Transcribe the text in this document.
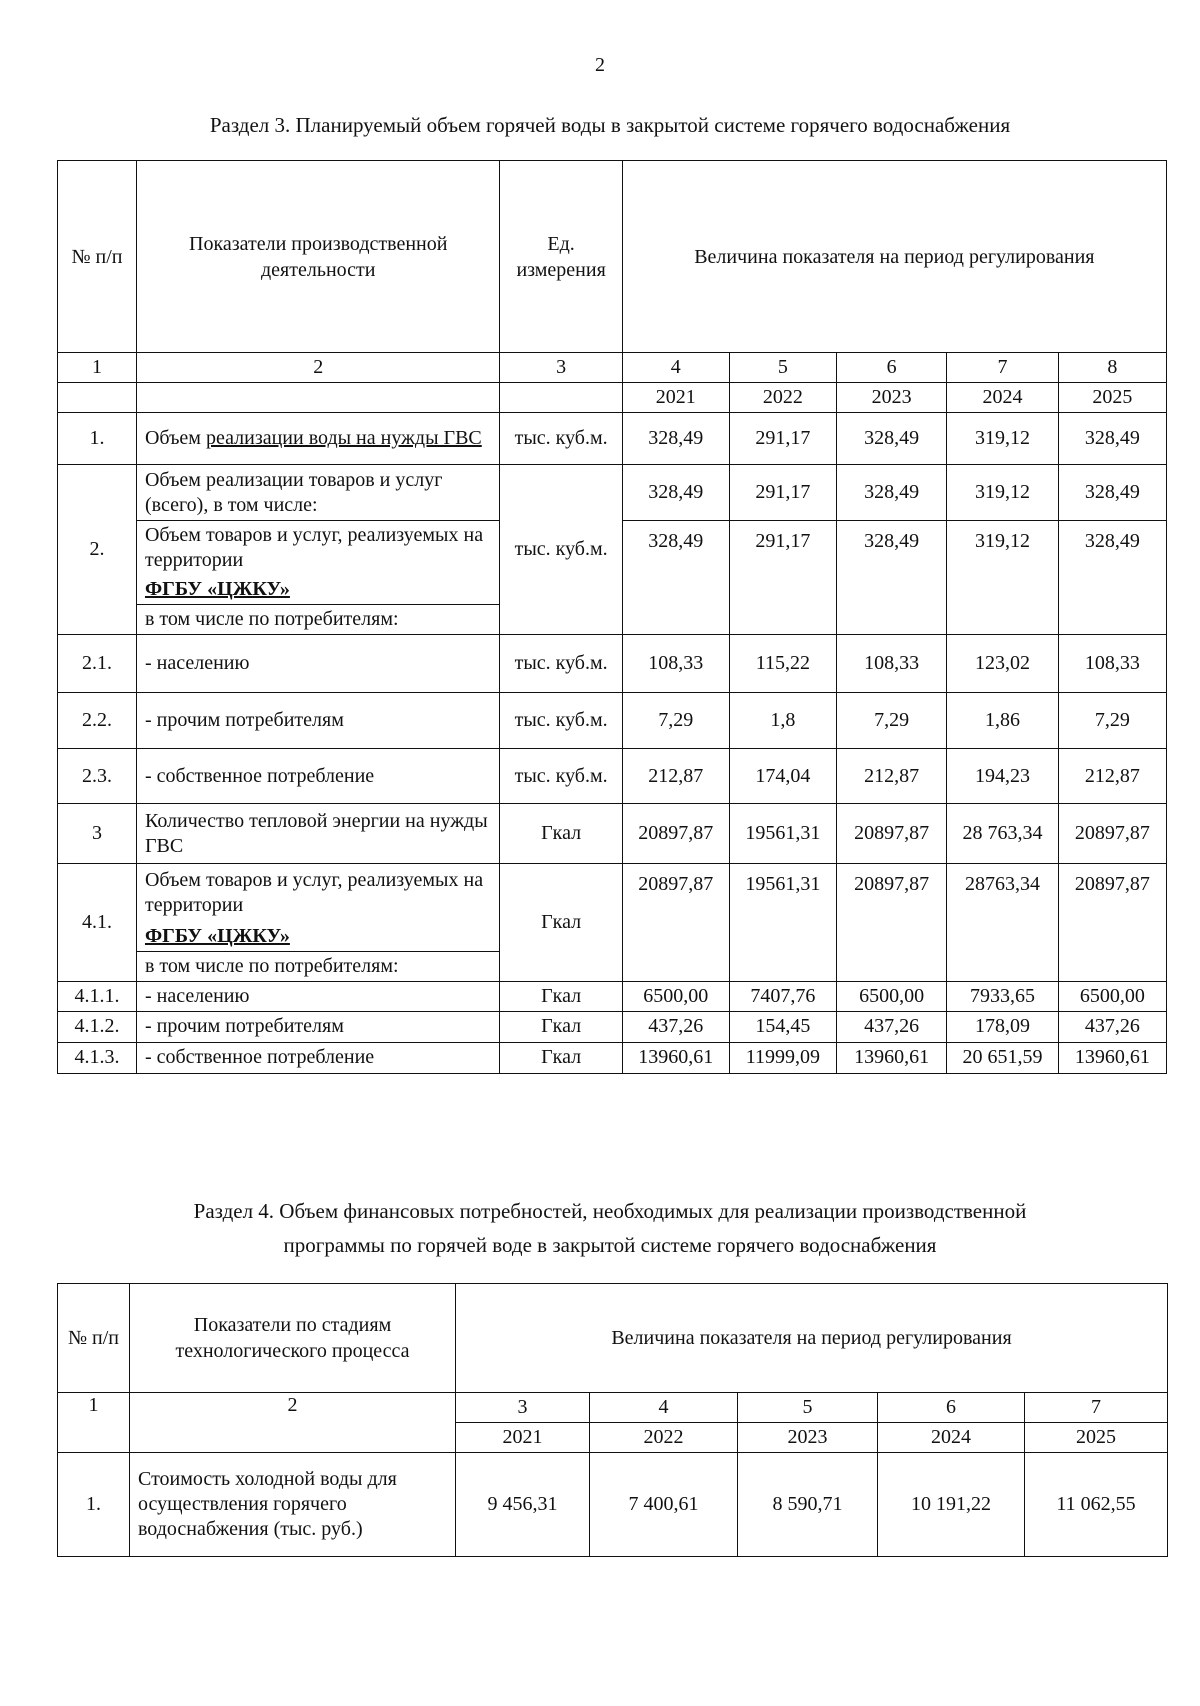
2
Раздел 3. Планируемый объем горячей воды в закрытой системе горячего водоснабжения
№ п/п	Показатели производственной деятельности	Ед. измерения	Величина показателя на период регулирования				
1	2	3	4	5	6	7	8
			2021	2022	2023	2024	2025
1.	Объем реализации воды на нужды ГВС	тыс. куб.м.	328,49	291,17	328,49	319,12	328,49
2.	Объем реализации товаров и услуг (всего), в том числе:	тыс. куб.м.	328,49	291,17	328,49	319,12	328,49
	Объем товаров и услуг, реализуемых на территории		328,49	291,17	328,49	319,12	328,49
	ФГБУ «ЦЖКУ»						
	в том числе по потребителям:						
2.1.	- населению	тыс. куб.м.	108,33	115,22	108,33	123,02	108,33
2.2.	- прочим потребителям	тыс. куб.м.	7,29	1,8	7,29	1,86	7,29
2.3.	- собственное потребление	тыс. куб.м.	212,87	174,04	212,87	194,23	212,87
3	Количество тепловой энергии на нужды ГВС	Гкал	20897,87	19561,31	20897,87	28 763,34	20897,87
4.1.	Объем товаров и услуг, реализуемых на территории	Гкал	20897,87	19561,31	20897,87	28763,34	20897,87
	ФГБУ «ЦЖКУ»						
	в том числе по потребителям:						
4.1.1.	- населению	Гкал	6500,00	7407,76	6500,00	7933,65	6500,00
4.1.2.	- прочим потребителям	Гкал	437,26	154,45	437,26	178,09	437,26
4.1.3.	- собственное потребление	Гкал	13960,61	11999,09	13960,61	20 651,59	13960,61
Раздел 4. Объем финансовых потребностей, необходимых для реализации производственной
программы по горячей воде в закрытой системе горячего водоснабжения
№ п/п	Показатели по стадиям технологического процесса	Величина показателя на период регулирования				
1	2	3	4	5	6	7
		2021	2022	2023	2024	2025
1.	Стоимость холодной воды для осуществления горячего водоснабжения (тыс. руб.)	9 456,31	7 400,61	8 590,71	10 191,22	11 062,55
